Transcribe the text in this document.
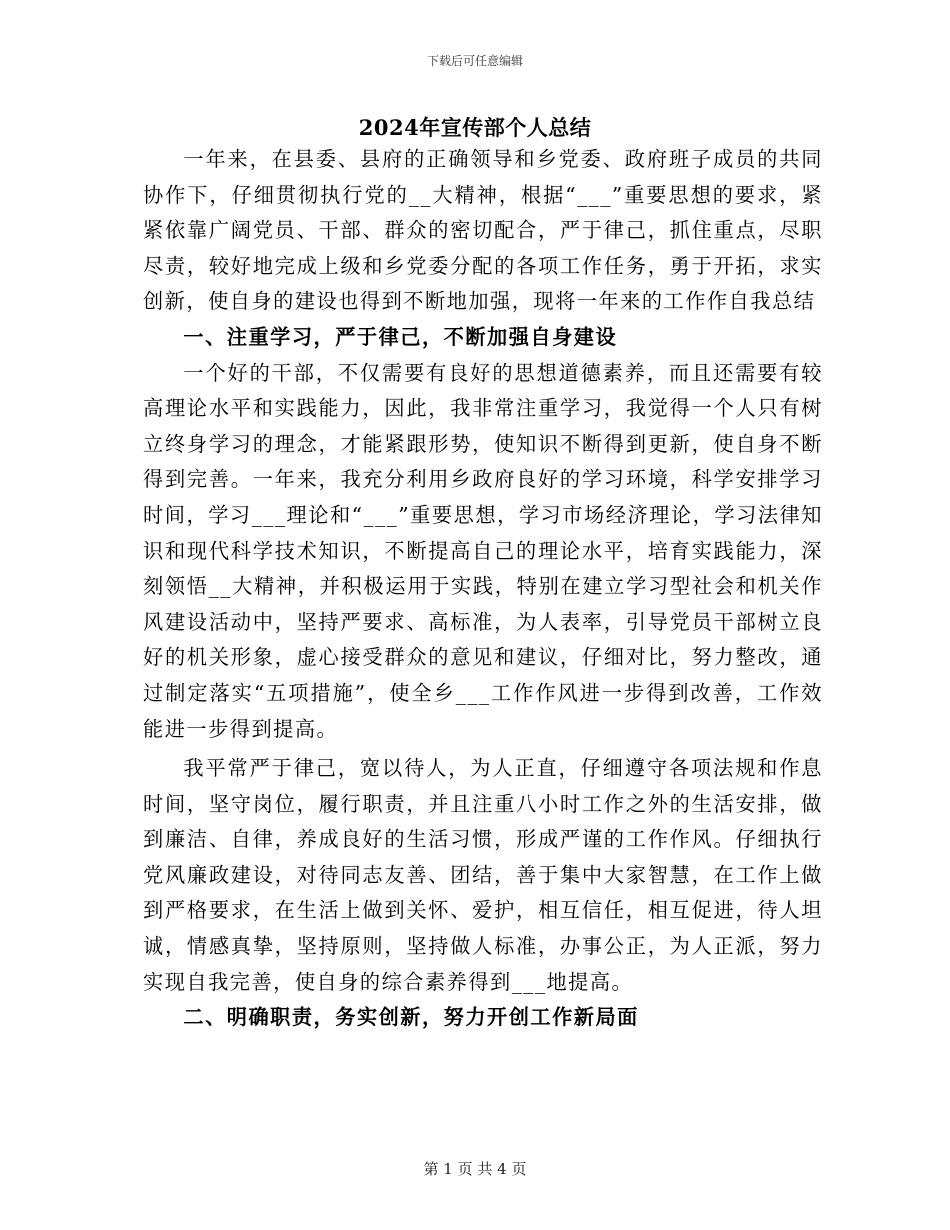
下载后可任意编辑
2024年宣传部个人总结

一年来，在县委、县府的正确领导和乡党委、政府班子成员的共同协作下，仔细贯彻执行党的__大精神，根据“___”重要思想的要求，紧紧依靠广阔党员、干部、群众的密切配合，严于律己，抓住重点，尽职尽责，较好地完成上级和乡党委分配的各项工作任务，勇于开拓，求实创新，使自身的建设也得到不断地加强，现将一年来的工作作自我总结

一、注重学习，严于律己，不断加强自身建设

一个好的干部，不仅需要有良好的思想道德素养，而且还需要有较高理论水平和实践能力，因此，我非常注重学习，我觉得一个人只有树立终身学习的理念，才能紧跟形势，使知识不断得到更新，使自身不断得到完善。一年来，我充分利用乡政府良好的学习环境，科学安排学习时间，学习___理论和“___”重要思想，学习市场经济理论，学习法律知识和现代科学技术知识，不断提高自己的理论水平，培育实践能力，深刻领悟__大精神，并积极运用于实践，特别在建立学习型社会和机关作风建设活动中，坚持严要求、高标准，为人表率，引导党员干部树立良好的机关形象，虚心接受群众的意见和建议，仔细对比，努力整改，通过制定落实“五项措施”，使全乡___工作作风进一步得到改善，工作效能进一步得到提高。

我平常严于律己，宽以待人，为人正直，仔细遵守各项法规和作息时间，坚守岗位，履行职责，并且注重八小时工作之外的生活安排，做到廉洁、自律，养成良好的生活习惯，形成严谨的工作作风。仔细执行党风廉政建设，对待同志友善、团结，善于集中大家智慧，在工作上做到严格要求，在生活上做到关怀、爱护，相互信任，相互促进，待人坦诚，情感真挚，坚持原则，坚持做人标准，办事公正，为人正派，努力实现自我完善，使自身的综合素养得到___地提高。

二、明确职责，务实创新，努力开创工作新局面

第 1 页 共 4 页
